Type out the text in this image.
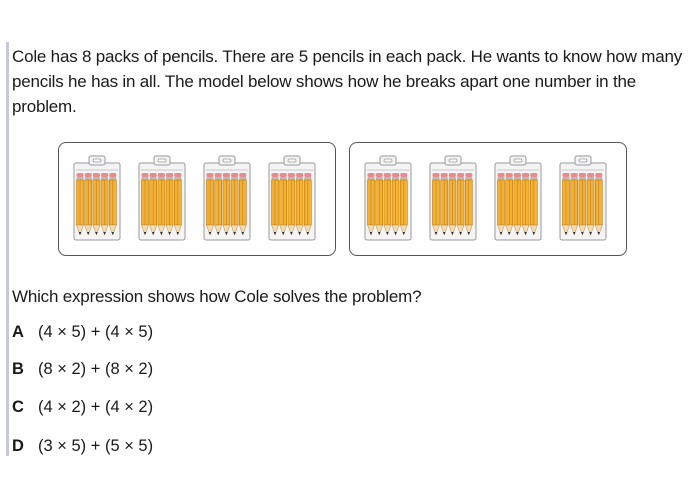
Cole has 8 packs of pencils. There are 5 pencils in each pack. He wants to know how many pencils he has in all. The model below shows how he breaks apart one number in the problem.
Which expression shows how Cole solves the problem?
A (4 × 5) + (4 × 5)
B (8 × 2) + (8 × 2)
C (4 × 2) + (4 × 2)
D (3 × 5) + (5 × 5)
